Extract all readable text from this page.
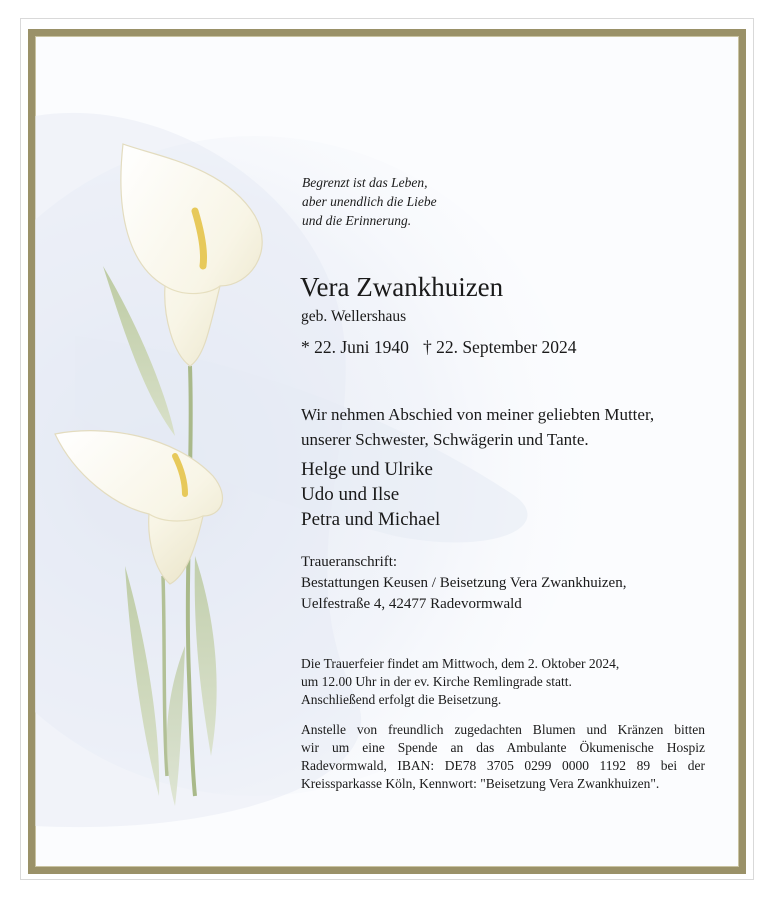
Begrenzt ist das Leben,
aber unendlich die Liebe
und die Erinnerung.
Vera Zwankhuizen
geb. Wellershaus
* 22. Juni 1940 † 22. September 2024
Wir nehmen Abschied von meiner geliebten Mutter,
unserer Schwester, Schwägerin und Tante.
Helge und Ulrike
Udo und Ilse
Petra und Michael
Traueranschrift:
Bestattungen Keusen / Beisetzung Vera Zwankhuizen,
Uelfestraße 4, 42477 Radevormwald
Die Trauerfeier findet am Mittwoch, dem 2. Oktober 2024,
um 12.00 Uhr in der ev. Kirche Remlingrade statt.
Anschließend erfolgt die Beisetzung.
Anstelle von freundlich zugedachten Blumen und Kränzen bitten
wir um eine Spende an das Ambulante Ökumenische Hospiz
Radevormwald, IBAN: DE78 3705 0299 0000 1192 89 bei der
Kreissparkasse Köln, Kennwort: "Beisetzung Vera Zwankhuizen".
